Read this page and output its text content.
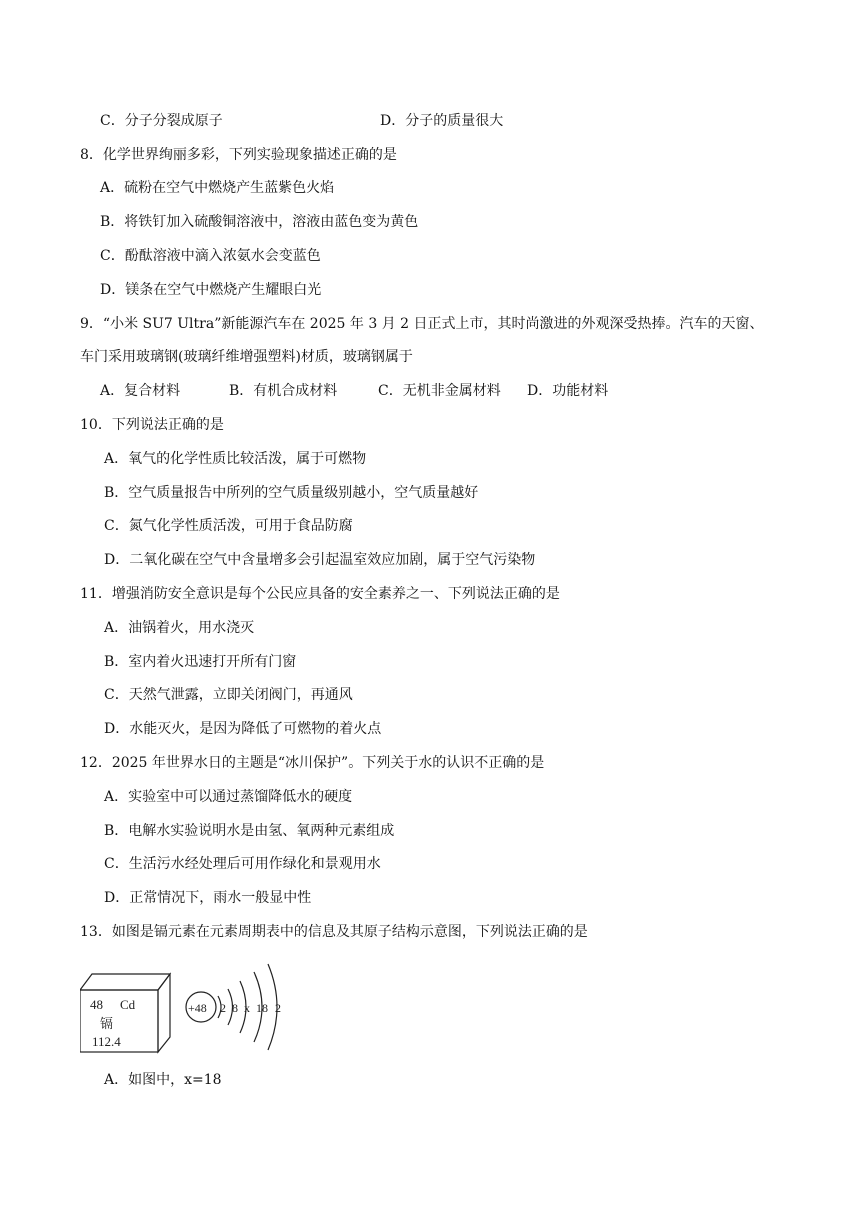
C．分子分裂成原子	D．分子的质量很大
8．化学世界绚丽多彩，下列实验现象描述正确的是
A．硫粉在空气中燃烧产生蓝紫色火焰
B．将铁钉加入硫酸铜溶液中，溶液由蓝色变为黄色
C．酚酞溶液中滴入浓氨水会变蓝色
D．镁条在空气中燃烧产生耀眼白光
9．“小米 SU7 Ultra”新能源汽车在 2025 年 3 月 2 日正式上市，其时尚激进的外观深受热捧。汽车的天窗、
车门采用玻璃钢(玻璃纤维增强塑料)材质，玻璃钢属于
A．复合材料	B．有机合成材料	C．无机非金属材料 D．功能材料
10．下列说法正确的是
A．氧气的化学性质比较活泼，属于可燃物
B．空气质量报告中所列的空气质量级别越小，空气质量越好
C．氮气化学性质活泼，可用于食品防腐
D．二氧化碳在空气中含量增多会引起温室效应加剧，属于空气污染物
11．增强消防安全意识是每个公民应具备的安全素养之一、下列说法正确的是
A．油锅着火，用水浇灭
B．室内着火迅速打开所有门窗
C．天然气泄露，立即关闭阀门，再通风
D．水能灭火，是因为降低了可燃物的着火点
12．2025 年世界水日的主题是“冰川保护”。下列关于水的认识不正确的是
A．实验室中可以通过蒸馏降低水的硬度
B．电解水实验说明水是由氢、氧两种元素组成
C．生活污水经处理后可用作绿化和景观用水
D．正常情况下，雨水一般显中性
13．如图是镉元素在元素周期表中的信息及其原子结构示意图，下列说法正确的是
48 Cd
镉
112.4
+48 2 8 x 18 2
A．如图中，x=18
